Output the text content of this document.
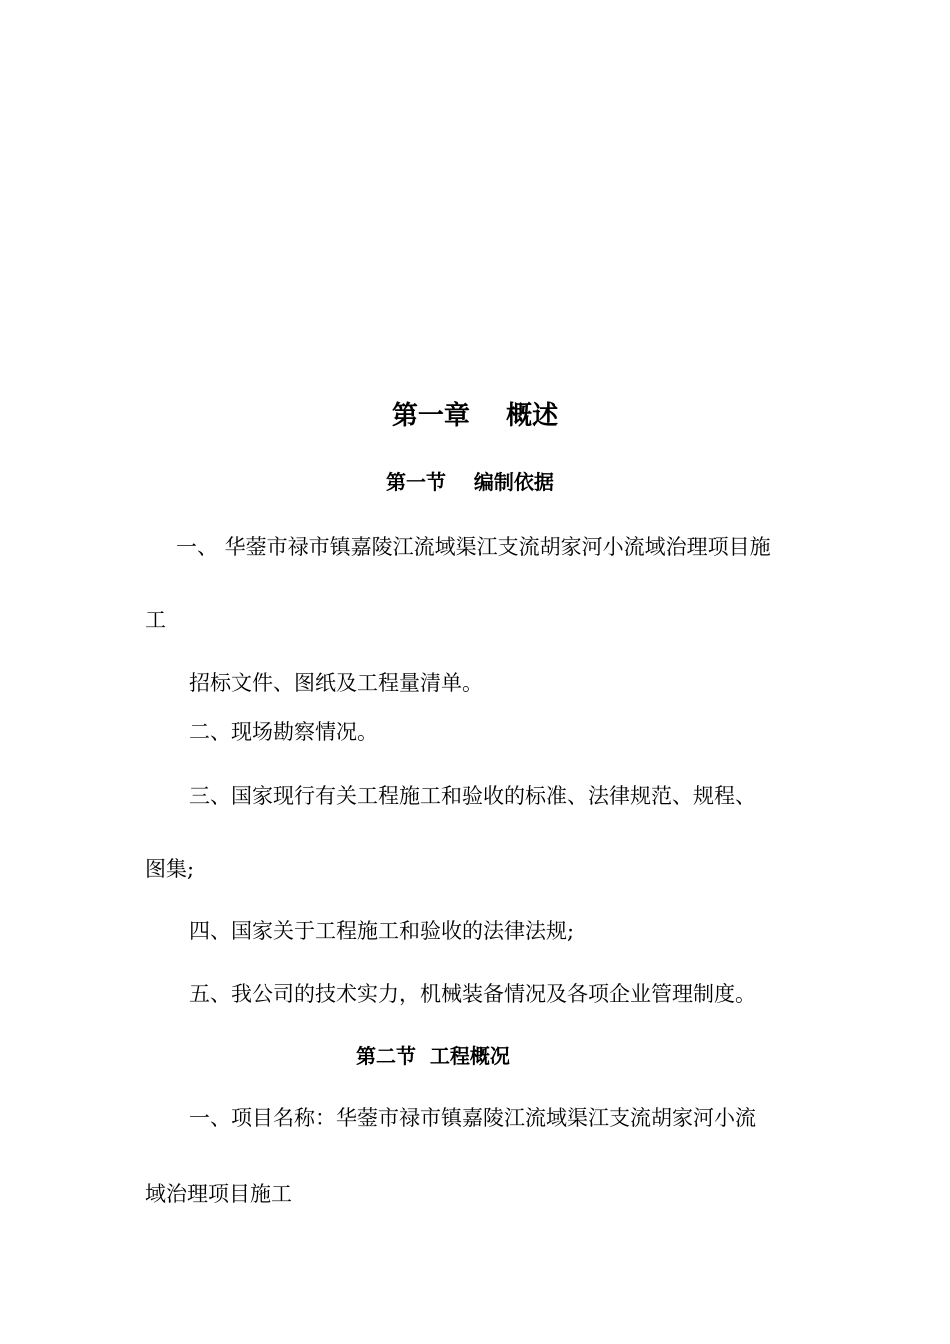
第一章    概述
第一节    编制依据
一、 华蓥市禄市镇嘉陵江流域渠江支流胡家河小流域治理项目施
工
招标文件、图纸及工程量清单。
二、现场勘察情况。
三、国家现行有关工程施工和验收的标准、法律规范、规程、
图集;
四、国家关于工程施工和验收的法律法规;
五、我公司的技术实力，机械装备情况及各项企业管理制度。
第二节  工程概况
一、项目名称：华蓥市禄市镇嘉陵江流域渠江支流胡家河小流
域治理项目施工
